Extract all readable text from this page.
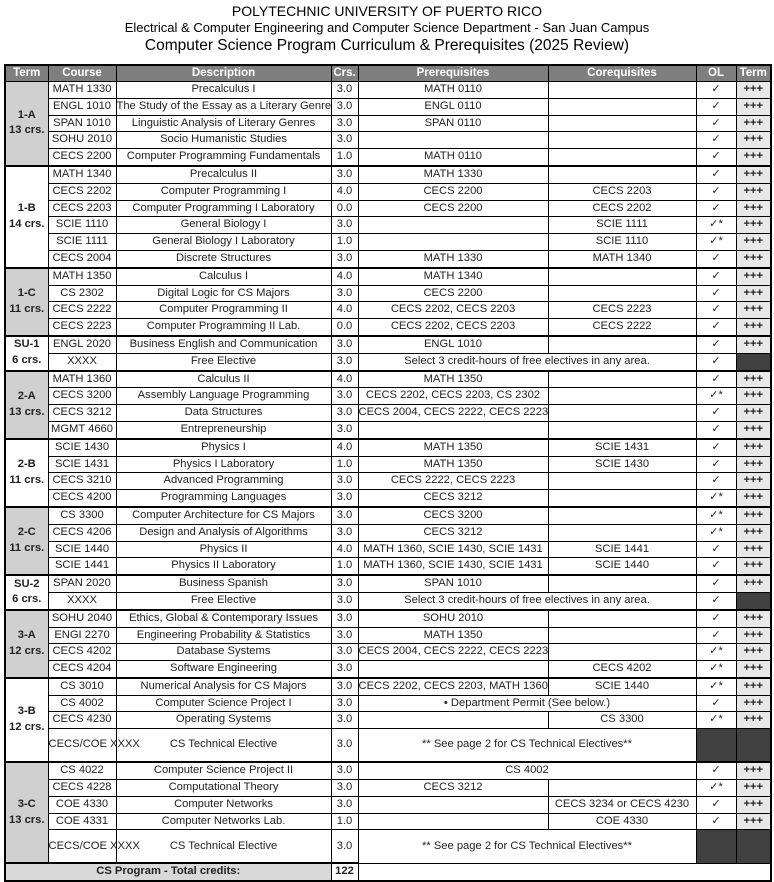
POLYTECHNIC UNIVERSITY OF PUERTO RICO
Electrical & Computer Engineering and Computer Science Department - San Juan Campus
Computer Science Program Curriculum & Prerequisites (2025 Review)
Term	Course	Description	Crs.	Prerequisites	Corequisites	OL	Term

1-A
13 crs.	MATH 1330	Precalculus I	3.0	MATH 0110		✓	+++
	ENGL 1010	The Study of the Essay as a Literary Genre	3.0	ENGL 0110		✓	+++
	SPAN 1010	Linguistic Analysis of Literary Genres	3.0	SPAN 0110		✓	+++
	SOHU 2010	Socio Humanistic Studies	3.0			✓	+++
	CECS 2200	Computer Programming Fundamentals	1.0	MATH 0110		✓	+++

1-B
14 crs.	MATH 1340	Precalculus II	3.0	MATH 1330		✓	+++
	CECS 2202	Computer Programming I	4.0	CECS 2200	CECS 2203	✓	+++
	CECS 2203	Computer Programming I Laboratory	0.0	CECS 2200	CECS 2202	✓	+++
	SCIE 1110	General Biology I	3.0		SCIE 1111	✓*	+++
	SCIE 1111	General Biology I Laboratory	1.0		SCIE 1110	✓*	+++
	CECS 2004	Discrete Structures	3.0	MATH 1330	MATH 1340	✓	+++

1-C
11 crs.	MATH 1350	Calculus I	4.0	MATH 1340		✓	+++
	CS 2302	Digital Logic for CS Majors	3.0	CECS 2200		✓	+++
	CECS 2222	Computer Programming II	4.0	CECS 2202, CECS 2203	CECS 2223	✓	+++
	CECS 2223	Computer Programming II Lab.	0.0	CECS 2202, CECS 2203	CECS 2222	✓	+++

SU-1
6 crs.	ENGL 2020	Business English and Communication	3.0	ENGL 1010		✓	+++
	XXXX	Free Elective	3.0	Select 3 credit-hours of free electives in any area.		✓	

2-A
13 crs.	MATH 1360	Calculus II	4.0	MATH 1350		✓	+++
	CECS 3200	Assembly Language Programming	3.0	CECS 2202, CECS 2203, CS 2302		✓*	+++
	CECS 3212	Data Structures	3.0	CECS 2004, CECS 2222, CECS 2223		✓	+++
	MGMT 4660	Entrepreneurship	3.0			✓	+++

2-B
11 crs.	SCIE 1430	Physics I	4.0	MATH 1350	SCIE 1431	✓	+++
	SCIE 1431	Physics I Laboratory	1.0	MATH 1350	SCIE 1430	✓	+++
	CECS 3210	Advanced Programming	3.0	CECS 2222, CECS 2223		✓	+++
	CECS 4200	Programming Languages	3.0	CECS 3212		✓*	+++

2-C
11 crs.	CS 3300	Computer Architecture for CS Majors	3.0	CECS 3200		✓*	+++
	CECS 4206	Design and Analysis of Algorithms	3.0	CECS 3212		✓*	+++
	SCIE 1440	Physics II	4.0	MATH 1360, SCIE 1430, SCIE 1431	SCIE 1441	✓	+++
	SCIE 1441	Physics II Laboratory	1.0	MATH 1360, SCIE 1430, SCIE 1431	SCIE 1440	✓	+++

SU-2
6 crs.	SPAN 2020	Business Spanish	3.0	SPAN 1010		✓	+++
	XXXX	Free Elective	3.0	Select 3 credit-hours of free electives in any area.		✓	

3-A
12 crs.	SOHU 2040	Ethics, Global & Contemporary Issues	3.0	SOHU 2010		✓	+++
	ENGI 2270	Engineering Probability & Statistics	3.0	MATH 1350		✓	+++
	CECS 4202	Database Systems	3.0	CECS 2004, CECS 2222, CECS 2223		✓*	+++
	CECS 4204	Software Engineering	3.0		CECS 4202	✓*	+++

3-B
12 crs.	CS 3010	Numerical Analysis for CS Majors	3.0	CECS 2202, CECS 2203, MATH 1360	SCIE 1440	✓*	+++
	CS 4002	Computer Science Project I	3.0	• Department Permit (See below.)		✓	+++
	CECS 4230	Operating Systems	3.0		CS 3300	✓*	+++
	CECS/COE XXXX	CS Technical Elective	3.0	** See page 2 for CS Technical Electives**			

3-C
13 crs.	CS 4022	Computer Science Project II	3.0	CS 4002		✓	+++
	CECS 4228	Computational Theory	3.0	CECS 3212		✓*	+++
	COE 4330	Computer Networks	3.0		CECS 3234 or CECS 4230	✓	+++
	COE 4331	Computer Networks Lab.	1.0		COE 4330	✓	+++
	CECS/COE XXXX	CS Technical Elective	3.0	** See page 2 for CS Technical Electives**			
CS Program - Total credits:			122				
